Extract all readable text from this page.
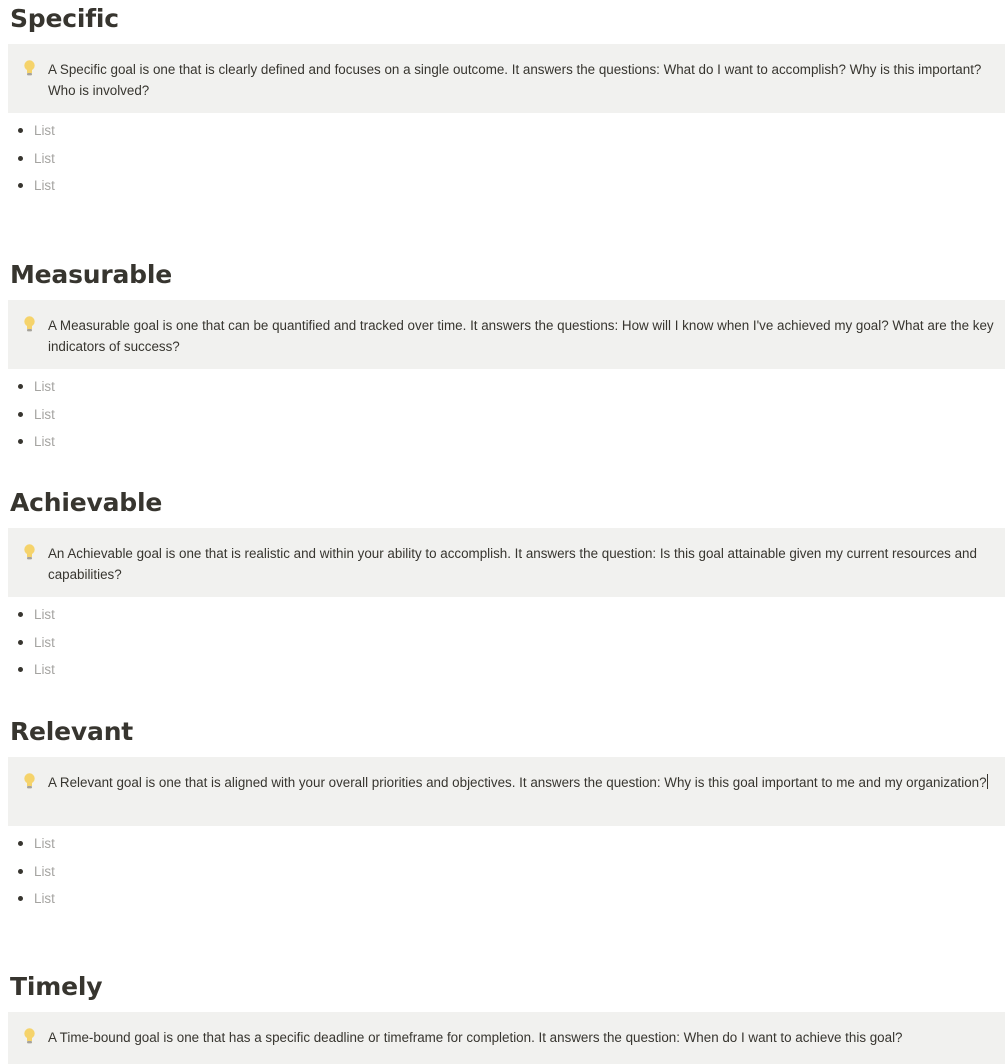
Specific
A Specific goal is one that is clearly defined and focuses on a single outcome. It answers the questions: What do I want to accomplish? Why is this important? Who is involved?
List
List
List
Measurable
A Measurable goal is one that can be quantified and tracked over time. It answers the questions: How will I know when I've achieved my goal? What are the key indicators of success?
List
List
List
Achievable
An Achievable goal is one that is realistic and within your ability to accomplish. It answers the question: Is this goal attainable given my current resources and capabilities?
List
List
List
Relevant
A Relevant goal is one that is aligned with your overall priorities and objectives. It answers the question: Why is this goal important to me and my organization?
List
List
List
Timely
A Time-bound goal is one that has a specific deadline or timeframe for completion. It answers the question: When do I want to achieve this goal?
